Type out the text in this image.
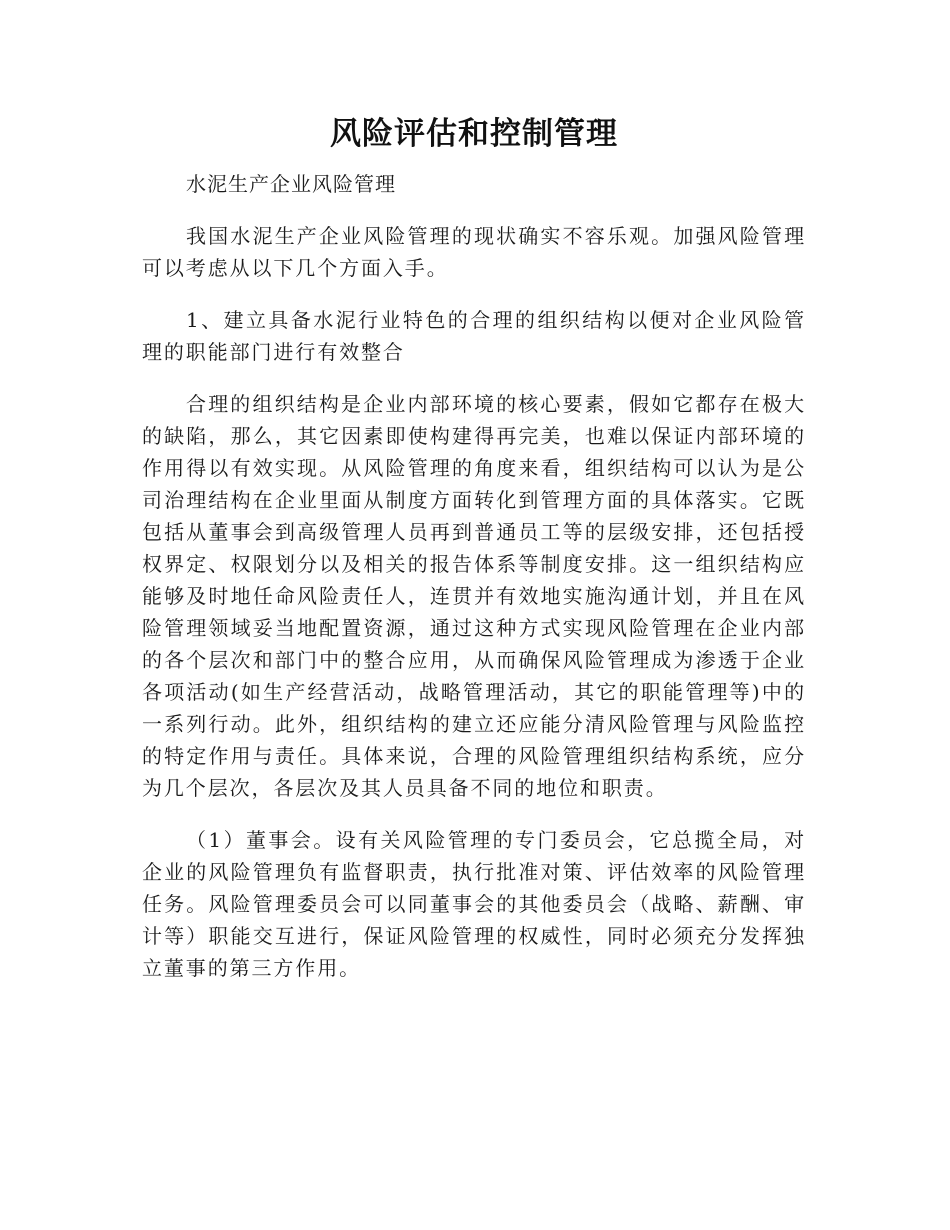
风险评估和控制管理

水泥生产企业风险管理

我国水泥生产企业风险管理的现状确实不容乐观。加强风险管理可以考虑从以下几个方面入手。

1、建立具备水泥行业特色的合理的组织结构以便对企业风险管理的职能部门进行有效整合

合理的组织结构是企业内部环境的核心要素，假如它都存在极大的缺陷，那么，其它因素即使构建得再完美，也难以保证内部环境的作用得以有效实现。从风险管理的角度来看，组织结构可以认为是公司治理结构在企业里面从制度方面转化到管理方面的具体落实。它既包括从董事会到高级管理人员再到普通员工等的层级安排，还包括授权界定、权限划分以及相关的报告体系等制度安排。这一组织结构应能够及时地任命风险责任人，连贯并有效地实施沟通计划，并且在风险管理领域妥当地配置资源，通过这种方式实现风险管理在企业内部的各个层次和部门中的整合应用，从而确保风险管理成为渗透于企业各项活动(如生产经营活动，战略管理活动，其它的职能管理等)中的一系列行动。此外，组织结构的建立还应能分清风险管理与风险监控的特定作用与责任。具体来说，合理的风险管理组织结构系统，应分为几个层次，各层次及其人员具备不同的地位和职责。

（1）董事会。设有关风险管理的专门委员会，它总揽全局，对企业的风险管理负有监督职责，执行批准对策、评估效率的风险管理任务。风险管理委员会可以同董事会的其他委员会（战略、薪酬、审计等）职能交互进行，保证风险管理的权威性，同时必须充分发挥独立董事的第三方作用。
